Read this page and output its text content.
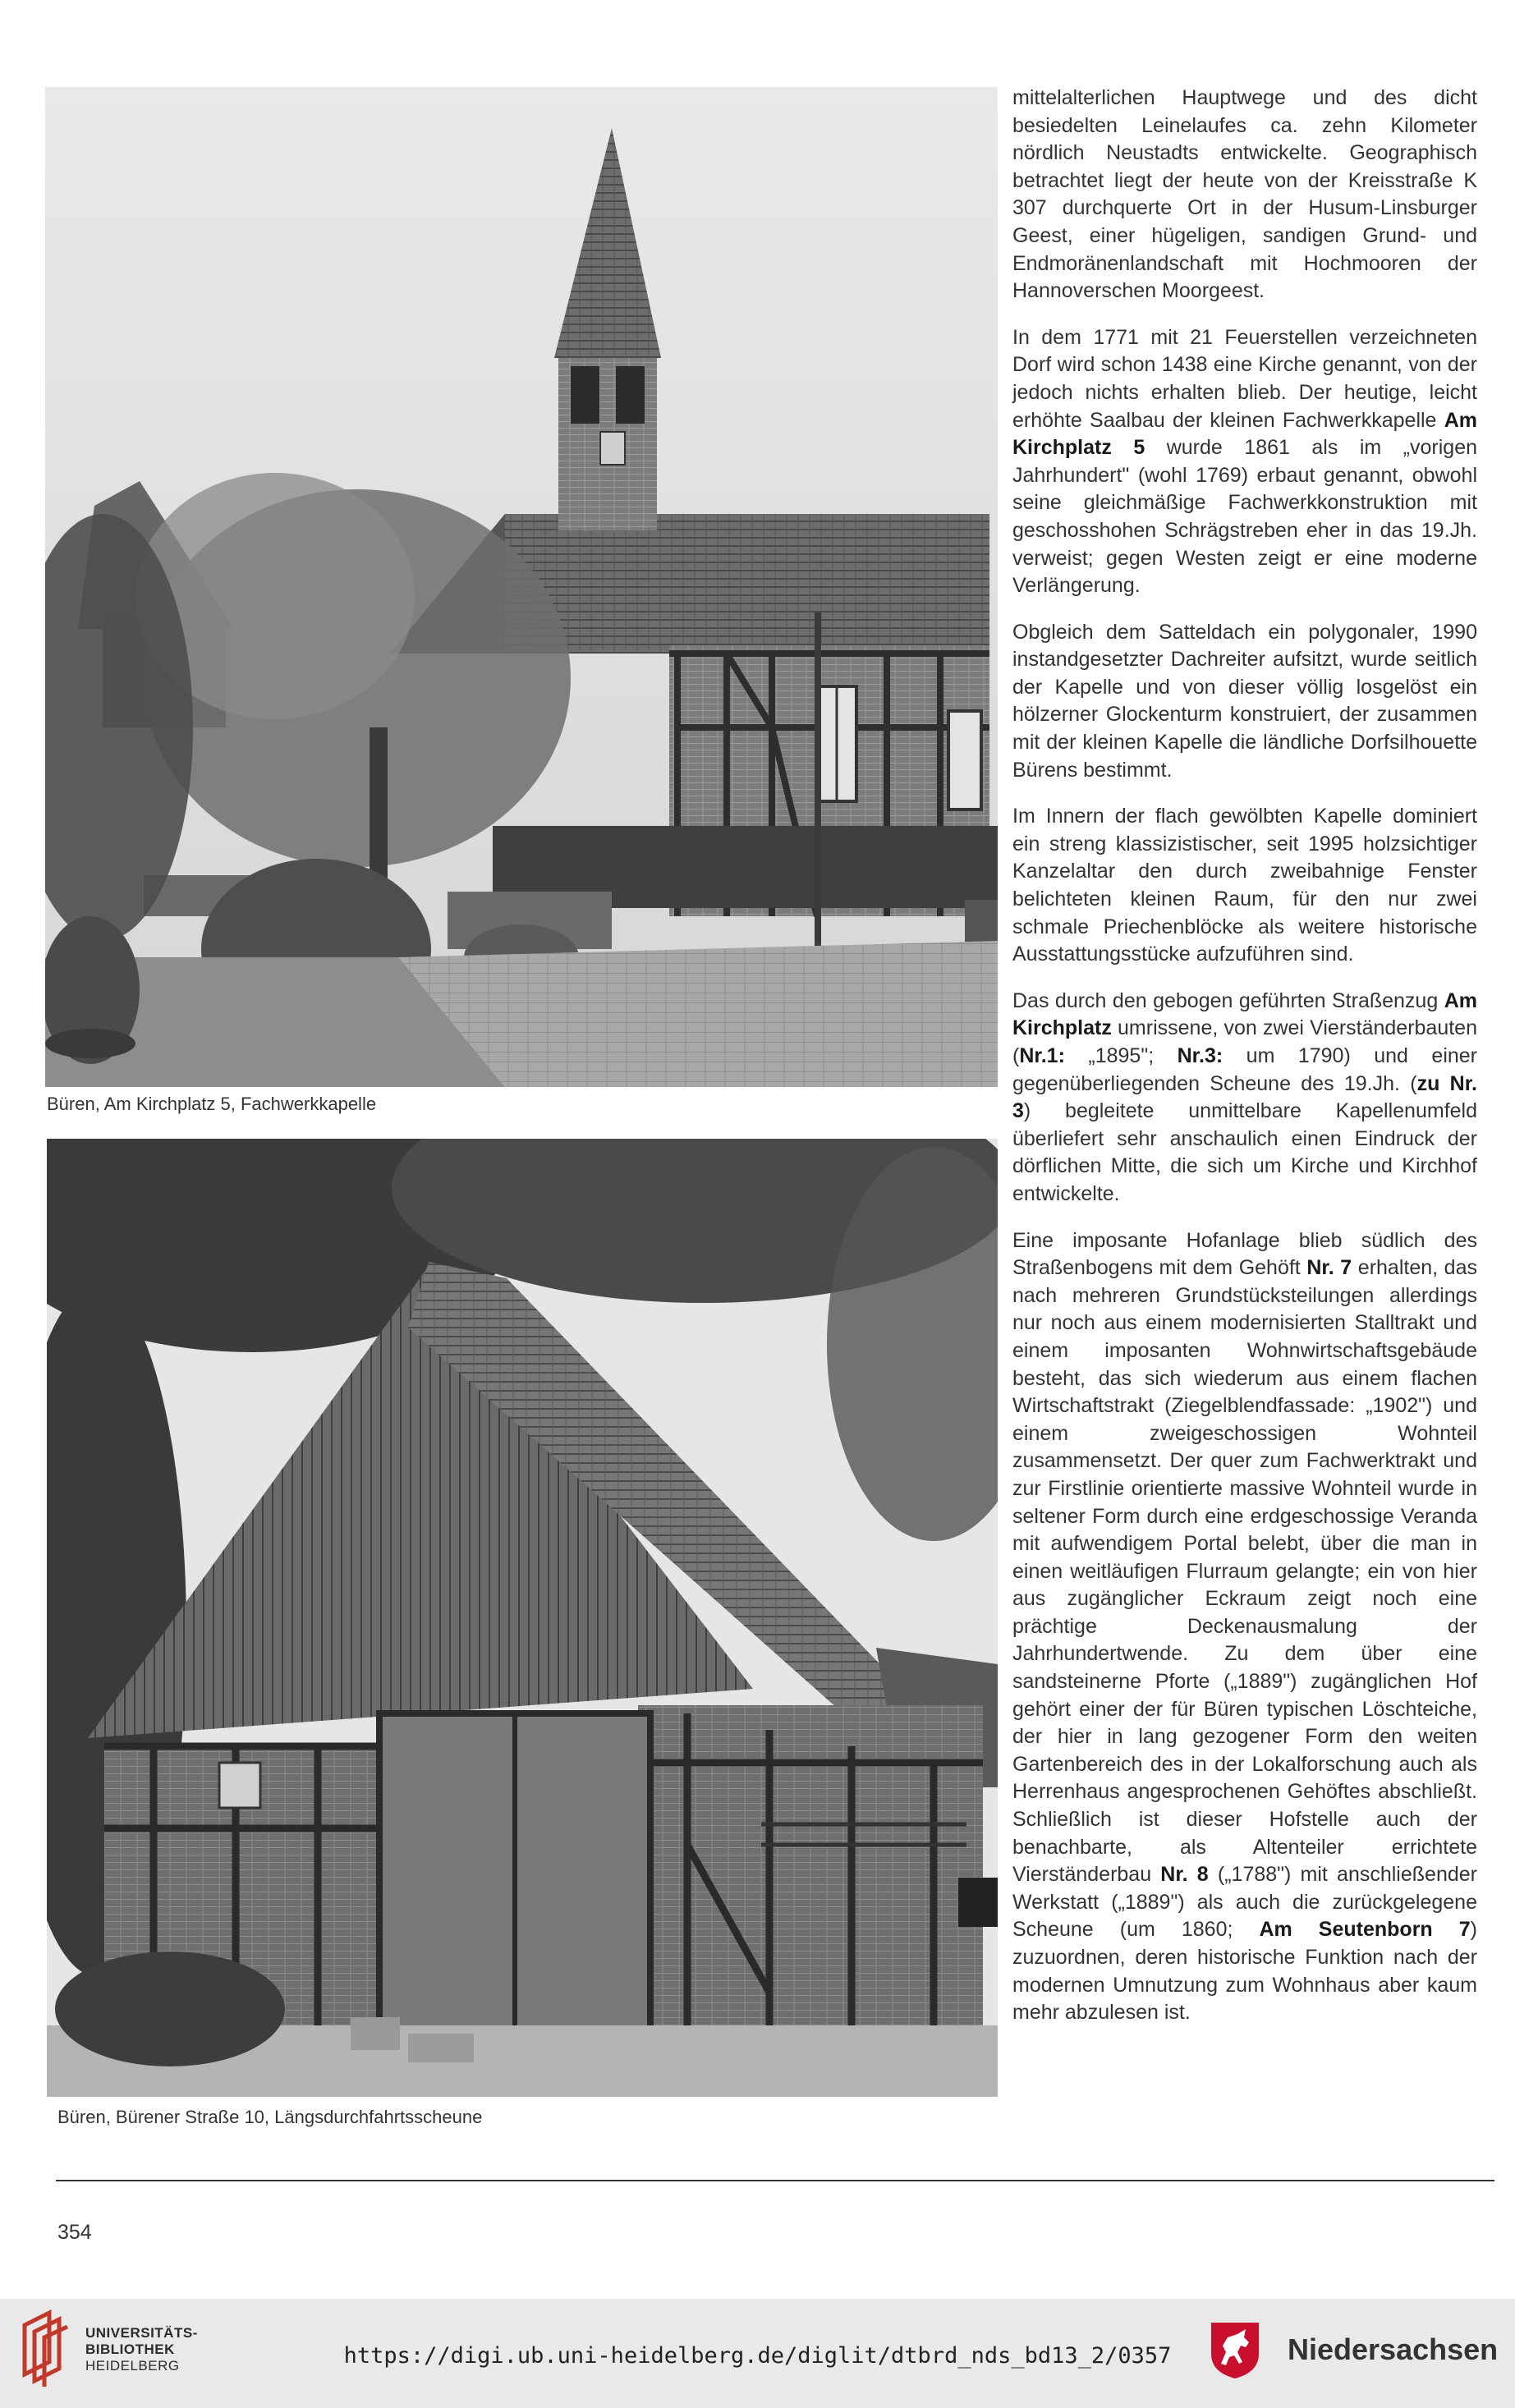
Büren, Am Kirchplatz 5, Fachwerkkapelle
Büren, Bürener Straße 10, Längsdurchfahrtsscheune

mittelalterlichen Hauptwege und des dicht besiedelten Leinelaufes ca. zehn Kilometer nördlich Neustadts entwickelte. Geographisch betrachtet liegt der heute von der Kreisstraße K 307 durchquerte Ort in der Husum-Linsburger Geest, einer hügeligen, sandigen Grund- und Endmoränenlandschaft mit Hochmooren der Hannoverschen Moorgeest.

In dem 1771 mit 21 Feuerstellen verzeichneten Dorf wird schon 1438 eine Kirche genannt, von der jedoch nichts erhalten blieb. Der heutige, leicht erhöhte Saalbau der kleinen Fachwerkkapelle Am Kirchplatz 5 wurde 1861 als im „vorigen Jahrhundert" (wohl 1769) erbaut genannt, obwohl seine gleichmäßige Fachwerkkonstruktion mit geschosshohen Schrägstreben eher in das 19.Jh. verweist; gegen Westen zeigt er eine moderne Verlängerung.

Obgleich dem Satteldach ein polygonaler, 1990 instandgesetzter Dachreiter aufsitzt, wurde seitlich der Kapelle und von dieser völlig losgelöst ein hölzerner Glockenturm konstruiert, der zusammen mit der kleinen Kapelle die ländliche Dorfsilhouette Bürens bestimmt.

Im Innern der flach gewölbten Kapelle dominiert ein streng klassizistischer, seit 1995 holzsichtiger Kanzelaltar den durch zweibahnige Fenster belichteten kleinen Raum, für den nur zwei schmale Priechenblöcke als weitere historische Ausstattungsstücke aufzuführen sind.

Das durch den gebogen geführten Straßenzug Am Kirchplatz umrissene, von zwei Vierständerbauten (Nr.1: „1895"; Nr.3: um 1790) und einer gegenüberliegenden Scheune des 19.Jh. (zu Nr. 3) begleitete unmittelbare Kapellenumfeld überliefert sehr anschaulich einen Eindruck der dörflichen Mitte, die sich um Kirche und Kirchhof entwickelte.

Eine imposante Hofanlage blieb südlich des Straßenbogens mit dem Gehöft Nr. 7 erhalten, das nach mehreren Grundstücksteilungen allerdings nur noch aus einem modernisierten Stalltrakt und einem imposanten Wohnwirtschaftsgebäude besteht, das sich wiederum aus einem flachen Wirtschaftstrakt (Ziegelblendfassade: „1902") und einem zweigeschossigen Wohnteil zusammensetzt. Der quer zum Fachwerktrakt und zur Firstlinie orientierte massive Wohnteil wurde in seltener Form durch eine erdgeschossige Veranda mit aufwendigem Portal belebt, über die man in einen weitläufigen Flurraum gelangte; ein von hier aus zugänglicher Eckraum zeigt noch eine prächtige Deckenausmalung der Jahrhundertwende. Zu dem über eine sandsteinerne Pforte („1889") zugänglichen Hof gehört einer der für Büren typischen Löschteiche, der hier in lang gezogener Form den weiten Gartenbereich des in der Lokalforschung auch als Herrenhaus angesprochenen Gehöftes abschließt. Schließlich ist dieser Hofstelle auch der benachbarte, als Altenteiler errichtete Vierständerbau Nr. 8 („1788") mit anschließender Werkstatt („1889") als auch die zurückgelegene Scheune (um 1860; Am Seutenborn 7) zuzuordnen, deren historische Funktion nach der modernen Umnutzung zum Wohnhaus aber kaum mehr abzulesen ist.

354
UNIVERSITÄTS-
BIBLIOTHEK
HEIDELBERG	https://digi.ub.uni-heidelberg.de/diglit/dtbrd_nds_bd13_2/0357	Niedersachsen
